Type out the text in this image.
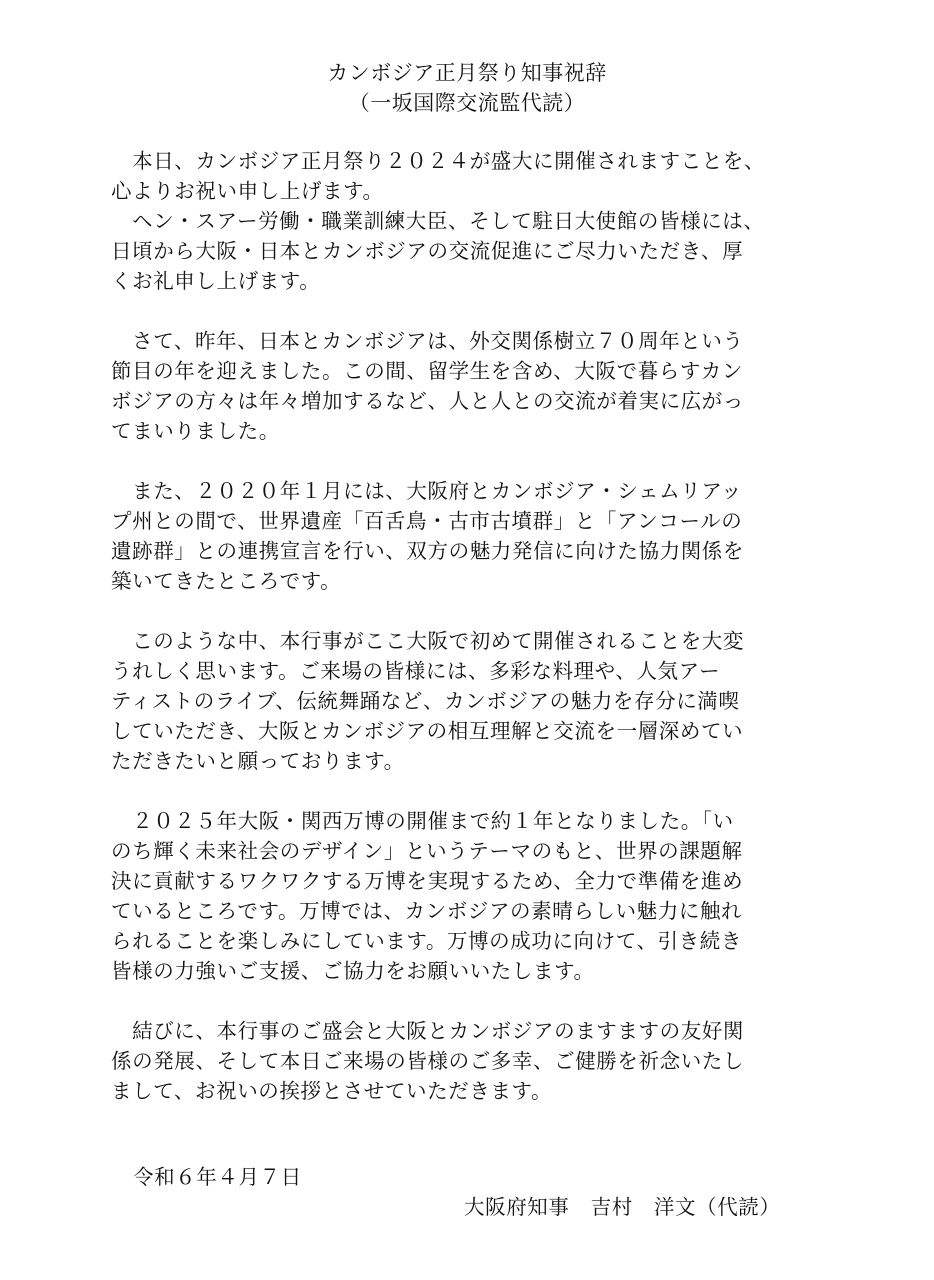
カンボジア正月祭り知事祝辞
（一坂国際交流監代読）
　本日、カンボジア正月祭り２０２４が盛大に開催されますことを、
心よりお祝い申し上げます。
　ヘン・スアー労働・職業訓練大臣、そして駐日大使館の皆様には、
日頃から大阪・日本とカンボジアの交流促進にご尽力いただき、厚
くお礼申し上げます。
　さて、昨年、日本とカンボジアは、外交関係樹立７０周年という
節目の年を迎えました。この間、留学生を含め、大阪で暮らすカン
ボジアの方々は年々増加するなど、人と人との交流が着実に広がっ
てまいりました。
　また、２０２０年１月には、大阪府とカンボジア・シェムリアッ
プ州との間で、世界遺産「百舌鳥・古市古墳群」と「アンコールの
遺跡群」との連携宣言を行い、双方の魅力発信に向けた協力関係を
築いてきたところです。
　このような中、本行事がここ大阪で初めて開催されることを大変
うれしく思います。ご来場の皆様には、多彩な料理や、人気アー
ティストのライブ、伝統舞踊など、カンボジアの魅力を存分に満喫
していただき、大阪とカンボジアの相互理解と交流を一層深めてい
ただきたいと願っております。
　２０２５年大阪・関西万博の開催まで約１年となりました。「い
のち輝く未来社会のデザイン」というテーマのもと、世界の課題解
決に貢献するワクワクする万博を実現するため、全力で準備を進め
ているところです。万博では、カンボジアの素晴らしい魅力に触れ
られることを楽しみにしています。万博の成功に向けて、引き続き
皆様の力強いご支援、ご協力をお願いいたします。
　結びに、本行事のご盛会と大阪とカンボジアのますますの友好関
係の発展、そして本日ご来場の皆様のご多幸、ご健勝を祈念いたし
まして、お祝いの挨拶とさせていただきます。
令和６年４月７日
大阪府知事　吉村　洋文（代読）
